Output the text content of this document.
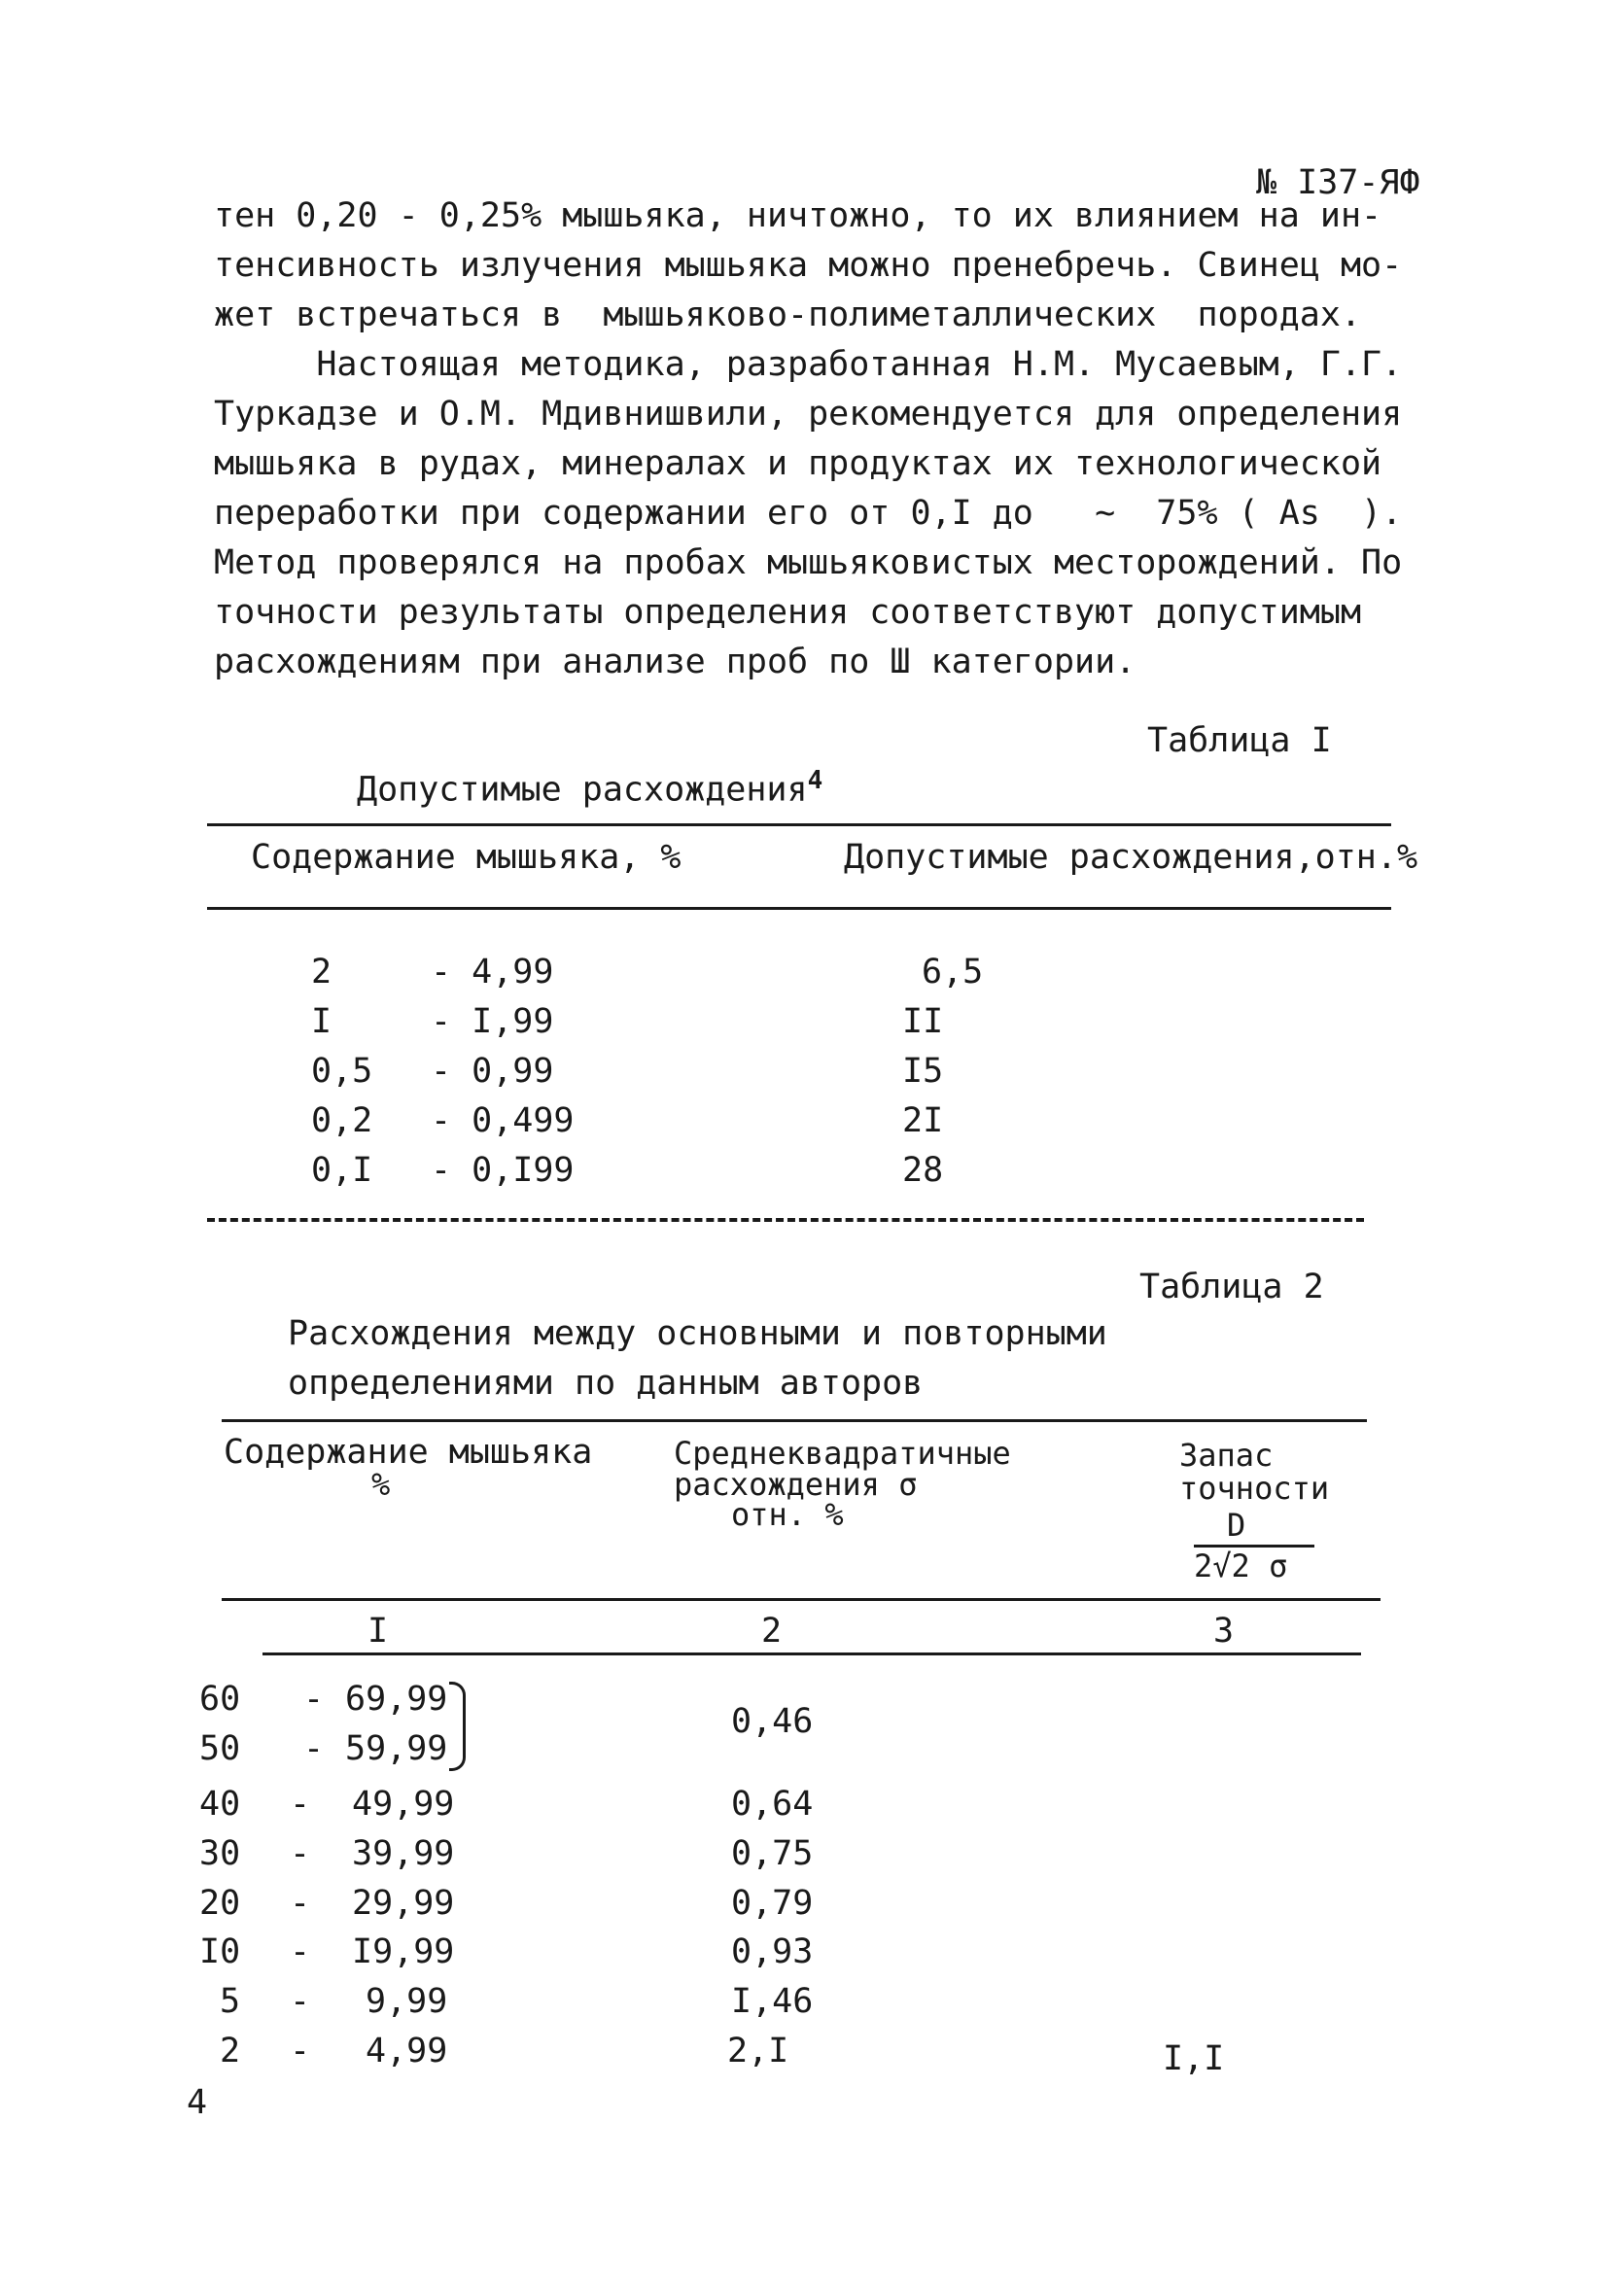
№ I37-ЯФ
тен 0,20 - 0,25% мышьяка, ничтожно, то их влиянием на ин-
тенсивность излучения мышьяка можно пренебречь. Свинец мо-
жет встречаться в  мышьяково-полиметаллических  породах.
Настоящая методика, разработанная Н.М. Мусаевым, Г.Г.
Туркадзе и О.М. Мдивнишвили, рекомендуется для определения
мышьяка в рудах, минералах и продуктах их технологической
переработки при содержании его от 0,I до   ~  75% ( As  ).
Метод проверялся на пробах мышьяковистых месторождений. По
точности результаты определения соответствуют допустимым
расхождениям при анализе проб по Ш категории.
Таблица I
Допустимые расхождения$^4$
Содержание мышьяка, %	Допустимые расхождения,отн.%
2	- 4,99	6,5
I	- I,99	II
0,5 - 0,99	I5
0,2 - 0,499	2I
0,I - 0,I99	28
Таблица 2
Расхождения между основными и повторными
определениями по данным авторов
Содержание мышьяка
%
Среднеквадратичные
расхождения σ
отн. %
Запас
точности
D
2√2 σ
I	2	3
60 - 69,99
50 - 59,99
0,46
40 - 49,99	0,64
30 - 39,99	0,75
20 - 29,99	0,79
I0 - I9,99	0,93
5 - 9,99	I,46
2 - 4,99	2,I	I,I
4
